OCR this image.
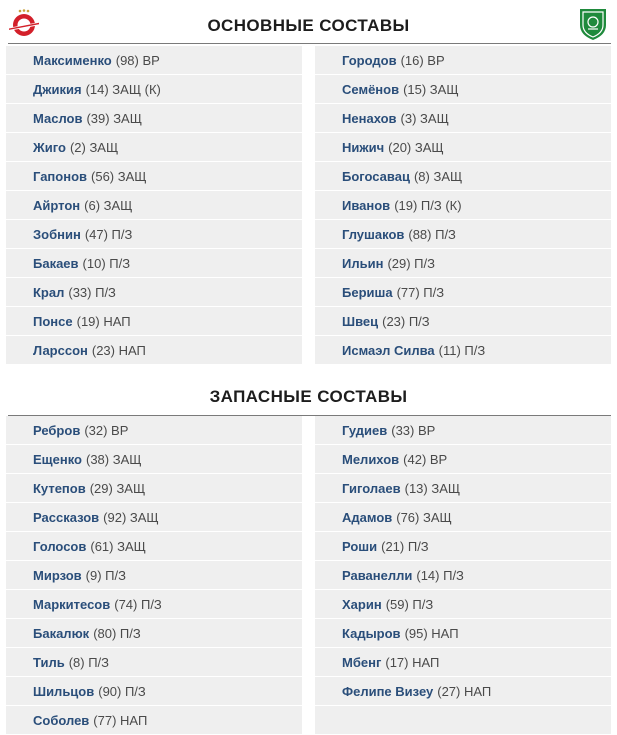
ОСНОВНЫЕ СОСТАВЫ
Максименко (98) ВР
Джикия (14) ЗАЩ (К)
Маслов (39) ЗАЩ
Жиго (2) ЗАЩ
Гапонов (56) ЗАЩ
Айртон (6) ЗАЩ
Зобнин (47) П/З
Бакаев (10) П/З
Крал (33) П/З
Понсе (19) НАП
Ларссон (23) НАП
Городов (16) ВР
Семёнов (15) ЗАЩ
Ненахов (3) ЗАЩ
Нижич (20) ЗАЩ
Богосавац (8) ЗАЩ
Иванов (19) П/З (К)
Глушаков (88) П/З
Ильин (29) П/З
Бериша (77) П/З
Швец (23) П/З
Исмаэл Силва (11) П/З
ЗАПАСНЫЕ СОСТАВЫ
Ребров (32) ВР
Ещенко (38) ЗАЩ
Кутепов (29) ЗАЩ
Рассказов (92) ЗАЩ
Голосов (61) ЗАЩ
Мирзов (9) П/З
Маркитесов (74) П/З
Бакалюк (80) П/З
Тиль (8) П/З
Шильцов (90) П/З
Соболев (77) НАП
Гудиев (33) ВР
Мелихов (42) ВР
Гиголаев (13) ЗАЩ
Адамов (76) ЗАЩ
Роши (21) П/З
Раванелли (14) П/З
Харин (59) П/З
Кадыров (95) НАП
Мбенг (17) НАП
Фелипе Визеу (27) НАП
